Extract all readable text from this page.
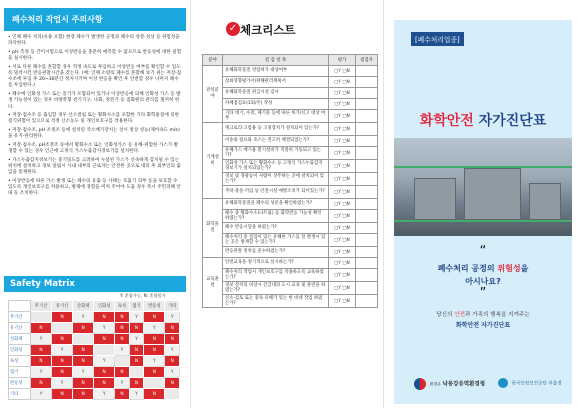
폐수처리 작업시 주의사항

• 인체 폐수 처리(유용 포함) 현장 폐수가 발생한 공정과 폐수의 성분·성상 등 위험성을 파악한다.

• pH 측정 등 간이시험으로 이상반응을 충분히 예측할 수 없으므로 반응성에 대한 실험을 실시한다.

• 서로 다른 폐수를 혼합할 경우 적정 속도로 투입하고 이상반응 여부를 확인할 수 있도록 밀착시킨 반응관찰시간을 갖는다. (예: 인체 소량의 폐수를 혼합해 보기 위는 저장·집수조에 투입 후 20~30분간 정지시키며 이상 반응을 확인 후 안전할 경우 나머지 폐수를 투입한다.)

• 폐수에 인화성 가스 또는 증기가 포함되어 있거나 이상반응에 의해 인화성 가스 등 발생 가능성이 있는 경우 비방폭형 전기기구, 나화, 정전기 등 점화원의 관리를 철저히 한다.

• 저장·집수조 등 출입할 경우 산소결핍 또는 황화수소를 포함한 기타 화학물질에 의한 질식위험이 있으므로 적정 산소농도 및 개인보호구를 착용한다.

• 저장·집수조, pH 조정조 등에 설치된 국소배기장치는 상시 정상 성능(제어속도 m/s)을 유지·관리한다.

• 저장·집수조, pH조정조 등에서 황화수소 또는 인화성가스 등 유해·위험한 가스가 발생할 수 있는 경우 인근에 고정식 가스누출감지경보기를 설치한다.

• 가스누출감지경보기는 중기밀도를 고려하여 누설된 가스가 신속하게 감지될 수 있는 위치에 설치하고 경보 알림시 사내 내부의 근로자는 안전한 곳으로 대피 후 외부인의 출입을 통제한다.

• 이상반응에 따른 가스 발생 또는 폐수의 유출 등 사태는 호흡기 피부 등을 보호할 수 있도록 개인보호구를 착용하고, 방제에 경험을 미쳐 주어야 도움 경우 즉시 주민피해 안내 등 조치한다.

Safety Matrix
Y: 혼합가능, N: 혼합불가
	무기산	유기산	산화제	인화성	독성	염기	반응성	기타
무기산		N	Y	N	N	Y	N	Y
유기산	N		N	Y	N	N	Y	N
산화제	Y	N		N	N	Y	N	N
인화성	N	Y	N		Y	N	N	Y
독성	N	N	N	Y		N	Y	N
염기	Y	N	Y	N	N		N	Y
반응성	N	Y	N	N	Y	N		N
기타	Y	N	N	Y	N	Y	N	
✓ 체크리스트
분야	점 검 항 목	평가	점검자
관리분야	유해화학물질 영업허가 대상여부	□Y □N	
	장외영향평가서/위해관리계획서	□Y □N	
	유해화학물질 취급시설 검사	□Y □N	
	자체점검표(1회/주) 작성	□Y □N	
	기타 대기, 수질, 폐기물 등에 따른 허가/신고 대상 여부	□Y □N	
기계설비	탱크로리·고압용 등 고정장치가 설치되어 있는가?	□Y □N	
	이송용 펌프와 호스는 견고히 체결되었는가?	□Y □N	
	유해가스 배기용 환기설비가 적절히 가동되고 있는가?	□Y □N	
	인화성 가스 또는 황화수소 등 고정식 가스누출감지경보기가 설치되었는가?	□Y □N	
	경보 및 경광등이 사람이 상주하는 곳에 설치되어 있는가?	□Y □N	
	추락·충돌·끼임 등 안전시설 예방조치가 되어있는가?	□Y □N	
화학물질	유해화학물질을 폐수의 성분을 확인하였는가?	□Y □N	
	폐수 중 황화수소(나트륨) 등 화학반응 가능성 확인 하였는가?	□Y □N	
	폐수 반응시험을 하였는가?	□Y □N	
	폐수처리 중 점검이 있는 유해한 가스를 알 발생시 있는 곳은 방재할 수 있는가?	□Y □N	
	반응관찰 절차를 준수하였는가?	□Y □N	
교육훈련	안전교육을 정기적으로 실시하는가?	□Y □N	
	폐수처리 작업시 개인보호구를 착용하도록 교육하였는가?	□Y □N	
	경보 장치의 비상시 긴급대피 도시 교육 및 훈련을 하였는가?	□Y □N	
	신소·검토 또는 중독 유해가 있는 현 비대 작업 하였는가?	□Y □N	
[폐수처리업종]
화학안전 자가진단표
“
폐수처리 공정의 위험성을
아시나요?
”
당신의 안전과 가족의 행복을 지켜주는
화학안전 자가진단표
환경부 낙동강유역환경청	한국안전보건공단 부울경
